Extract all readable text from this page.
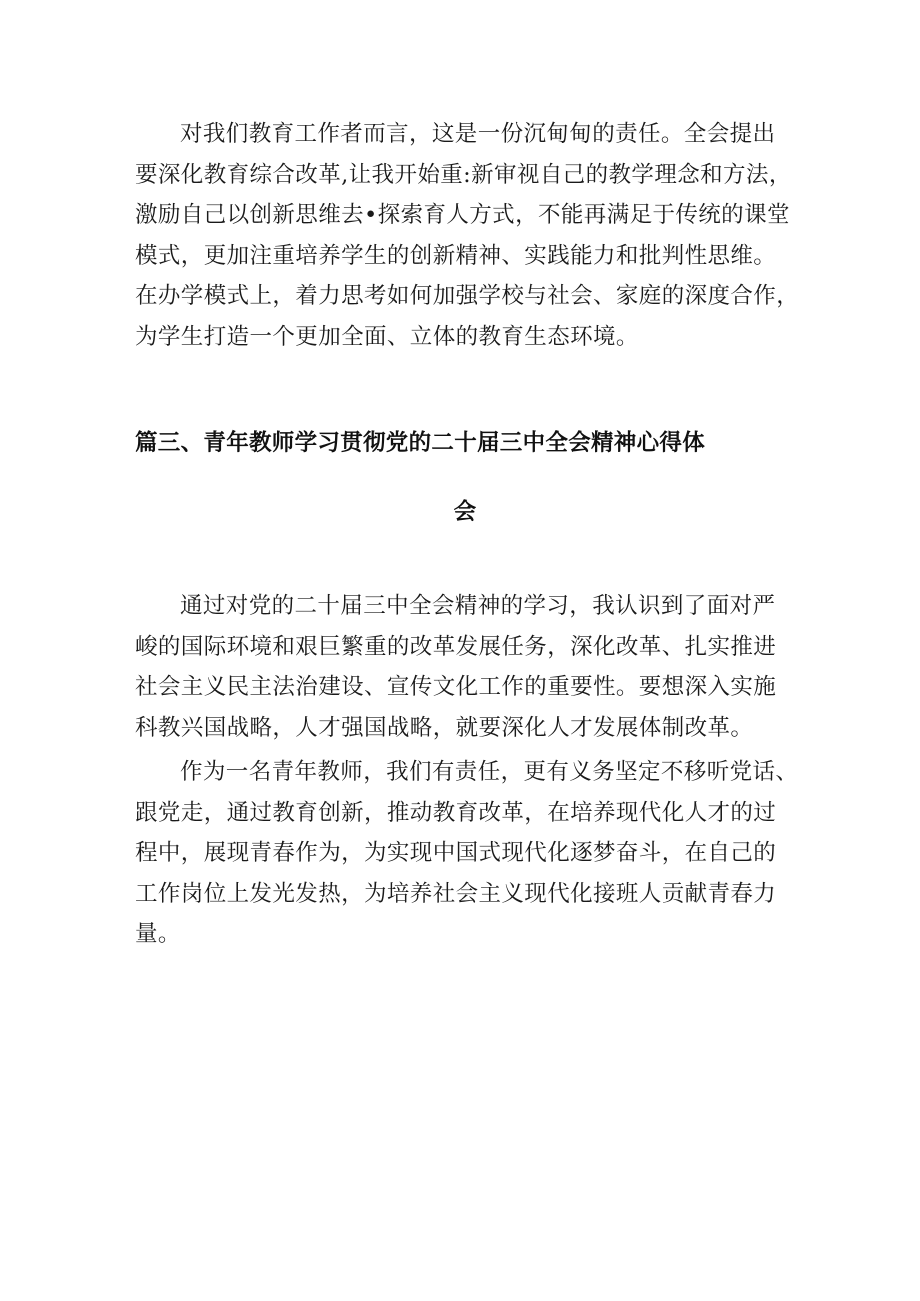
对我们教育工作者而言，这是一份沉甸甸的责任。全会提出
要深化教育综合改革,让我开始重:新审视自己的教学理念和方法，
激励自己以创新思维去•探索育人方式，不能再满足于传统的课堂
模式，更加注重培养学生的创新精神、实践能力和批判性思维。
在办学模式上，着力思考如何加强学校与社会、家庭的深度合作，
为学生打造一个更加全面、立体的教育生态环境。

篇三、青年教师学习贯彻党的二十届三中全会精神心得体
会

通过对党的二十届三中全会精神的学习，我认识到了面对严
峻的国际环境和艰巨繁重的改革发展任务，深化改革、扎实推进
社会主义民主法治建设、宣传文化工作的重要性。要想深入实施
科教兴国战略，人才强国战略，就要深化人才发展体制改革。

作为一名青年教师，我们有责任，更有义务坚定不移听党话、
跟党走，通过教育创新，推动教育改革，在培养现代化人才的过
程中，展现青春作为，为实现中国式现代化逐梦奋斗，在自己的
工作岗位上发光发热，为培养社会主义现代化接班人贡献青春力
量。
